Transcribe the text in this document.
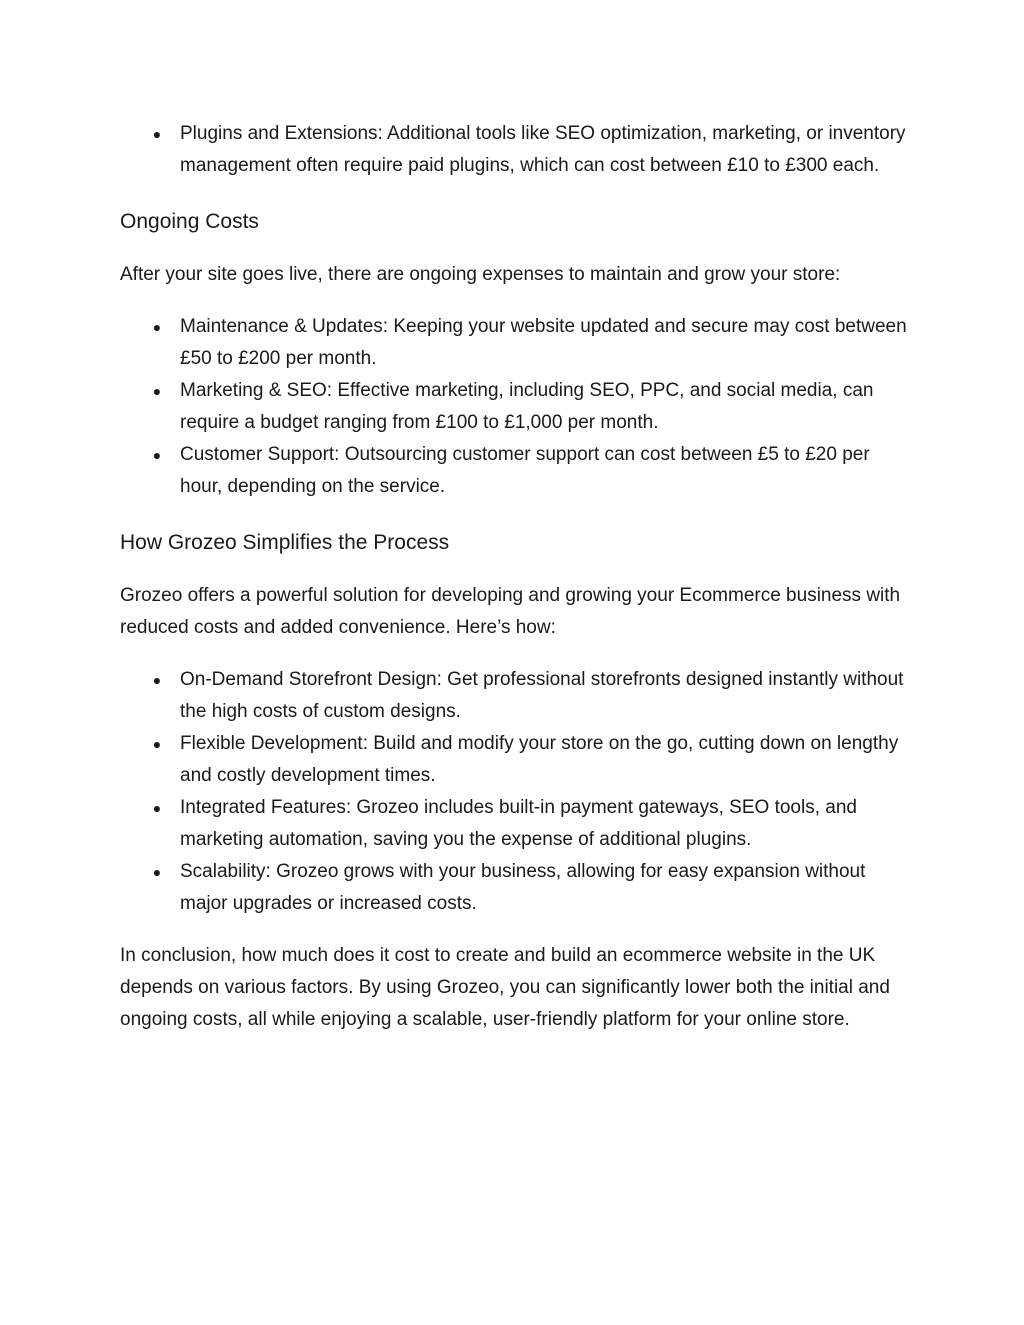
● Plugins and Extensions: Additional tools like SEO optimization, marketing, or inventory management often require paid plugins, which can cost between £10 to £300 each.
Ongoing Costs

After your site goes live, there are ongoing expenses to maintain and grow your store:

● Maintenance & Updates: Keeping your website updated and secure may cost between £50 to £200 per month.
● Marketing & SEO: Effective marketing, including SEO, PPC, and social media, can require a budget ranging from £100 to £1,000 per month.
● Customer Support: Outsourcing customer support can cost between £5 to £20 per hour, depending on the service.
How Grozeo Simplifies the Process

Grozeo offers a powerful solution for developing and growing your Ecommerce business with reduced costs and added convenience. Here’s how:

● On-Demand Storefront Design: Get professional storefronts designed instantly without the high costs of custom designs.
● Flexible Development: Build and modify your store on the go, cutting down on lengthy and costly development times.
● Integrated Features: Grozeo includes built-in payment gateways, SEO tools, and marketing automation, saving you the expense of additional plugins.
● Scalability: Grozeo grows with your business, allowing for easy expansion without major upgrades or increased costs.

In conclusion, how much does it cost to create and build an ecommerce website in the UK depends on various factors. By using Grozeo, you can significantly lower both the initial and ongoing costs, all while enjoying a scalable, user-friendly platform for your online store.
